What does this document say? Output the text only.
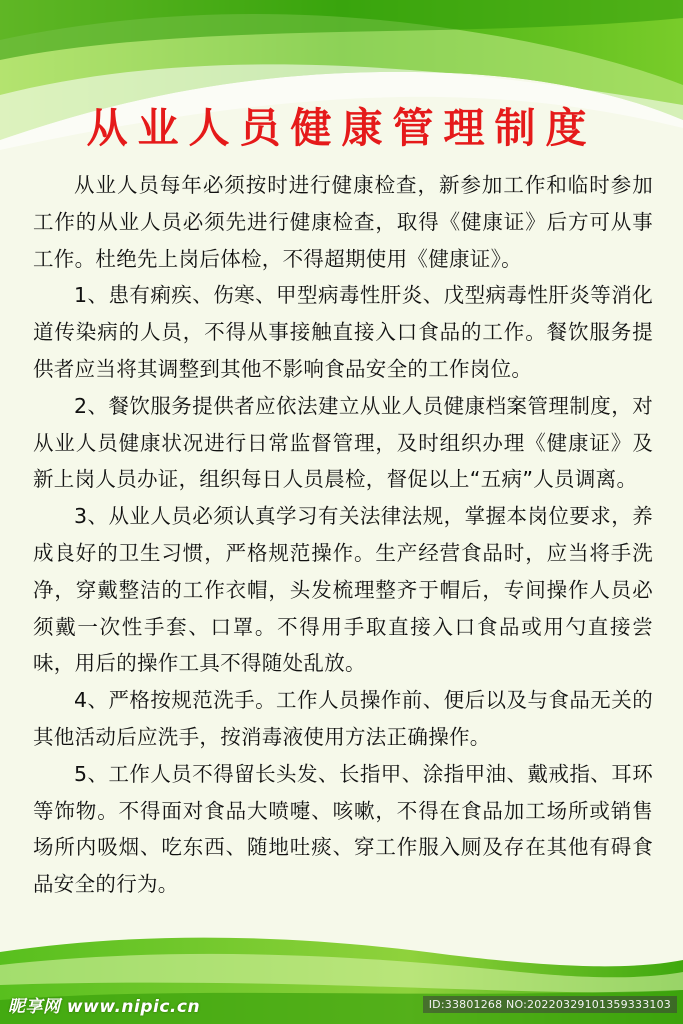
从业人员健康管理制度

从业人员每年必须按时进行健康检查，新参加工作和临时参加工作的从业人员必须先进行健康检查，取得《健康证》后方可从事工作。杜绝先上岗后体检，不得超期使用《健康证》。

1、患有痢疾、伤寒、甲型病毒性肝炎、戊型病毒性肝炎等消化道传染病的人员，不得从事接触直接入口食品的工作。餐饮服务提供者应当将其调整到其他不影响食品安全的工作岗位。

2、餐饮服务提供者应依法建立从业人员健康档案管理制度，对从业人员健康状况进行日常监督管理，及时组织办理《健康证》及新上岗人员办证，组织每日人员晨检，督促以上“五病”人员调离。

3、从业人员必须认真学习有关法律法规，掌握本岗位要求，养成良好的卫生习惯，严格规范操作。生产经营食品时，应当将手洗净，穿戴整洁的工作衣帽，头发梳理整齐于帽后，专间操作人员必须戴一次性手套、口罩。不得用手取直接入口食品或用勺直接尝味，用后的操作工具不得随处乱放。

4、严格按规范洗手。工作人员操作前、便后以及与食品无关的其他活动后应洗手，按消毒液使用方法正确操作。

5、工作人员不得留长头发、长指甲、涂指甲油、戴戒指、耳环等饰物。不得面对食品大喷嚏、咳嗽，不得在食品加工场所或销售场所内吸烟、吃东西、随地吐痰、穿工作服入厕及存在其他有碍食品安全的行为。

昵享网 www.nipic.cn	ID:33801268 NO:20220329101359333103
